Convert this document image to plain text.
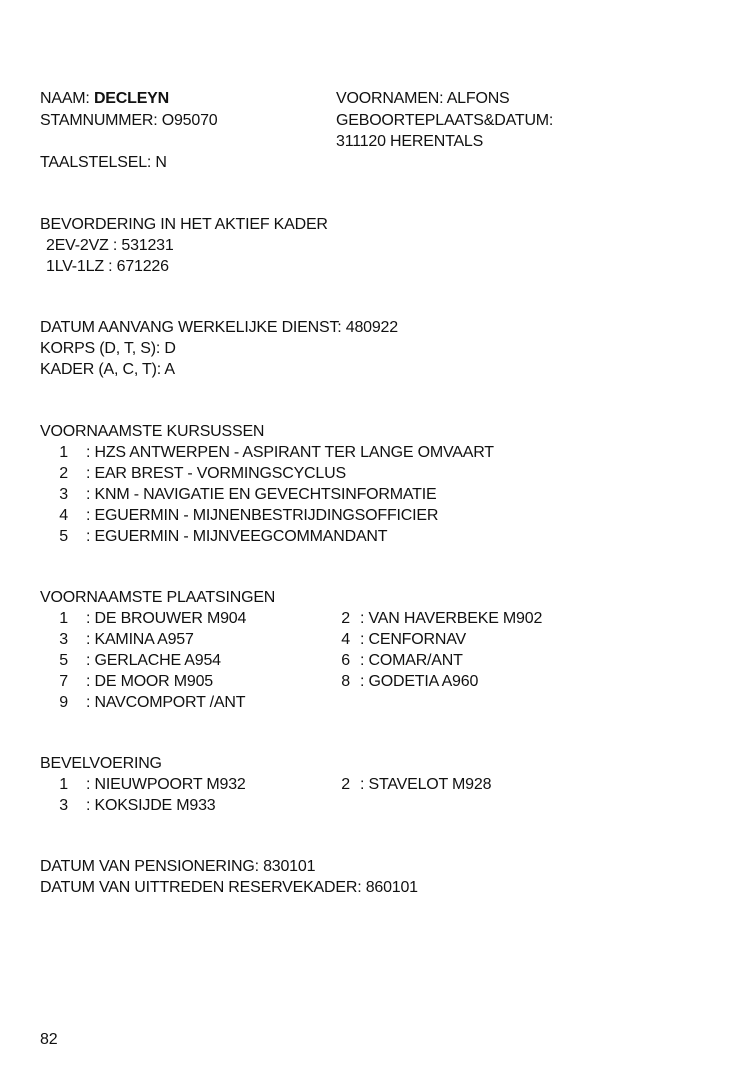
NAAM: DECLEYN
STAMNUMMER: O95070
VOORNAMEN: ALFONS
GEBOORTEPLAATS&DATUM:
311120 HERENTALS
TAALSTELSEL: N
BEVORDERING IN HET AKTIEF KADER
2EV-2VZ : 531231
1LV-1LZ : 671226
DATUM AANVANG WERKELIJKE DIENST: 480922
KORPS (D, T, S): D
KADER (A, C, T): A
VOORNAAMSTE KURSUSSEN
1 : HZS ANTWERPEN - ASPIRANT TER LANGE OMVAART
2 : EAR BREST - VORMINGSCYCLUS
3 : KNM - NAVIGATIE EN GEVECHTSINFORMATIE
4 : EGUERMIN - MIJNENBESTRIJDINGSOFFICIER
5 : EGUERMIN - MIJNVEEGCOMMANDANT
VOORNAAMSTE PLAATSINGEN
1 : DE BROUWER M904
3 : KAMINA A957
5 : GERLACHE A954
7 : DE MOOR M905
9 : NAVCOMPORT /ANT
2 : VAN HAVERBEKE M902
4 : CENFORNAV
6 : COMAR/ANT
8 : GODETIA A960
BEVELVOERING
1 : NIEUWPOORT M932
3 : KOKSIJDE M933
2 : STAVELOT M928
DATUM VAN PENSIONERING: 830101
DATUM VAN UITTREDEN RESERVEKADER: 860101
82
